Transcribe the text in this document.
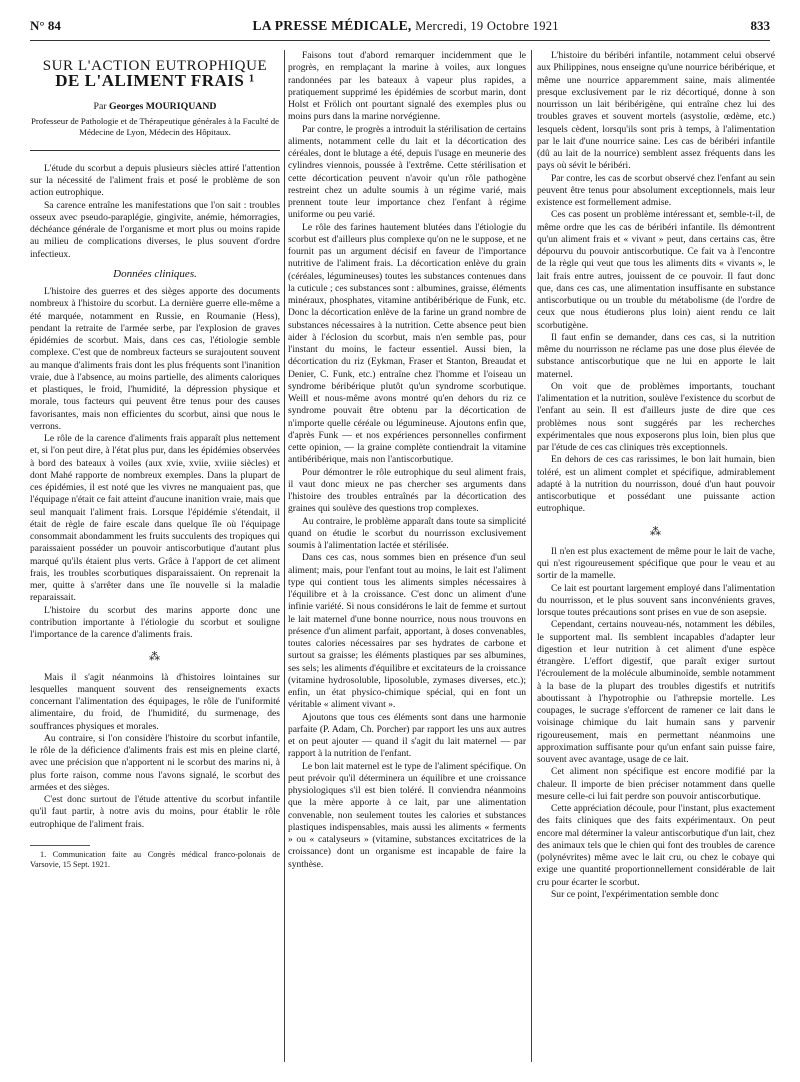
N° 84	LA PRESSE MÉDICALE, Mercredi, 19 Octobre 1921	833
SUR L'ACTION EUTROPHIQUE
DE L'ALIMENT FRAIS ¹
Par Georges MOURIQUAND
Professeur de Pathologie et de Thérapeutique générales à la Faculté de Médecine de Lyon, Médecin des Hôpitaux.

L'étude du scorbut a depuis plusieurs siècles attiré l'attention sur la nécessité de l'aliment frais et posé le problème de son action eutrophique.

Sa carence entraîne les manifestations que l'on sait : troubles osseux avec pseudo-paraplégie, gingivite, anémie, hémorragies, déchéance générale de l'organisme et mort plus ou moins rapide au milieu de complications diverses, le plus souvent d'ordre infectieux.

Données cliniques.

L'histoire des guerres et des sièges apporte des documents nombreux à l'histoire du scorbut. La dernière guerre elle-même a été marquée, notamment en Russie, en Roumanie (Hess), pendant la retraite de l'armée serbe, par l'explosion de graves épidémies de scorbut. Mais, dans ces cas, l'étiologie semble complexe. C'est que de nombreux facteurs se surajoutent souvent au manque d'aliments frais dont les plus fréquents sont l'inanition vraie, due à l'absence, au moins partielle, des aliments caloriques et plastiques, le froid, l'humidité, la dépression physique et morale, tous facteurs qui peuvent être tenus pour des causes favorisantes, mais non efficientes du scorbut, ainsi que nous le verrons.

Le rôle de la carence d'aliments frais apparaît plus nettement et, si l'on peut dire, à l'état plus pur, dans les épidémies observées à bord des bateaux à voiles (aux xvie, xviie, xviiie siècles) et dont Mahé rapporte de nombreux exemples. Dans la plupart de ces épidémies, il est noté que les vivres ne manquaient pas, que l'équipage n'était ce fait atteint d'aucune inanition vraie, mais que seul manquait l'aliment frais. Lorsque l'épidémie s'étendait, il était de règle de faire escale dans quelque île où l'équipage consommait abondamment les fruits succulents des tropiques qui paraissaient posséder un pouvoir antiscorbutique d'autant plus marqué qu'ils étaient plus verts. Grâce à l'apport de cet aliment frais, les troubles scorbutiques disparaissaient. On reprenait la mer, quitte à s'arrêter dans une île nouvelle si la maladie reparaissait.

L'histoire du scorbut des marins apporte donc une contribution importante à l'étiologie du scorbut et souligne l'importance de la carence d'aliments frais.

⁂

Mais il s'agit néanmoins là d'histoires lointaines sur lesquelles manquent souvent des renseignements exacts concernant l'alimentation des équipages, le rôle de l'uniformité alimentaire, du froid, de l'humidité, du surmenage, des souffrances physiques et morales.

Au contraire, si l'on considère l'histoire du scorbut infantile, le rôle de la déficience d'aliments frais est mis en pleine clarté, avec une précision que n'apportent ni le scorbut des marins ni, à plus forte raison, comme nous l'avons signalé, le scorbut des armées et des sièges.

C'est donc surtout de l'étude attentive du scorbut infantile qu'il faut partir, à notre avis du moins, pour établir le rôle eutrophique de l'aliment frais.

1. Communication faite au Congrès médical franco-polonais de Varsovie, 15 Sept. 1921.

Faisons tout d'abord remarquer incidemment que le progrès, en remplaçant la marine à voiles, aux longues randonnées par les bateaux à vapeur plus rapides, a pratiquement supprimé les épidémies de scorbut marin, dont Holst et Frölich ont pourtant signalé des exemples plus ou moins purs dans la marine norvégienne.

Par contre, le progrès a introduit la stérilisation de certains aliments, notamment celle du lait et la décortication des céréales, dont le blutage a été, depuis l'usage en meunerie des cylindres viennois, poussée à l'extrême. Cette stérilisation et cette décortication peuvent n'avoir qu'un rôle pathogène restreint chez un adulte soumis à un régime varié, mais prennent toute leur importance chez l'enfant à régime uniforme ou peu varié.

Le rôle des farines hautement blutées dans l'étiologie du scorbut est d'ailleurs plus complexe qu'on ne le suppose, et ne fournit pas un argument décisif en faveur de l'importance nutritive de l'aliment frais. La décortication enlève du grain (céréales, légumineuses) toutes les substances contenues dans la cuticule ; ces substances sont : albumines, graisse, éléments minéraux, phosphates, vitamine antibéribérique de Funk, etc. Donc la décortication enlève de la farine un grand nombre de substances nécessaires à la nutrition. Cette absence peut bien aider à l'éclosion du scorbut, mais n'en semble pas, pour l'instant du moins, le facteur essentiel. Aussi bien, la décortication du riz (Eykman, Fraser et Stanton, Breaudat et Denier, C. Funk, etc.) entraîne chez l'homme et l'oiseau un syndrome béribérique plutôt qu'un syndrome scorbutique. Weill et nous-même avons montré qu'en dehors du riz ce syndrome pouvait être obtenu par la décortication de n'importe quelle céréale ou légumineuse. Ajoutons enfin que, d'après Funk — et nos expériences personnelles confirment cette opinion, — la graine complète contiendrait la vitamine antibéribérique, mais non l'antiscorbutique.

Pour démontrer le rôle eutrophique du seul aliment frais, il vaut donc mieux ne pas chercher ses arguments dans l'histoire des troubles entraînés par la décortication des graines qui soulève des questions trop complexes.

Au contraire, le problème apparaît dans toute sa simplicité quand on étudie le scorbut du nourrisson exclusivement soumis à l'alimentation lactée et stérilisée.

Dans ces cas, nous sommes bien en présence d'un seul aliment; mais, pour l'enfant tout au moins, le lait est l'aliment type qui contient tous les aliments simples nécessaires à l'équilibre et à la croissance. C'est donc un aliment d'une infinie variété. Si nous considérons le lait de femme et surtout le lait maternel d'une bonne nourrice, nous nous trouvons en présence d'un aliment parfait, apportant, à doses convenables, toutes calories nécessaires par ses hydrates de carbone et surtout sa graisse; les éléments plastiques par ses albumines, ses sels; les aliments d'équilibre et excitateurs de la croissance (vitamine hydrosoluble, liposoluble, zymases diverses, etc.); enfin, un état physico-chimique spécial, qui en font un véritable « aliment vivant ».

Ajoutons que tous ces éléments sont dans une harmonie parfaite (P. Adam, Ch. Porcher) par rapport les uns aux autres et on peut ajouter — quand il s'agit du lait maternel — par rapport à la nutrition de l'enfant.

Le bon lait maternel est le type de l'aliment spécifique. On peut prévoir qu'il déterminera un équilibre et une croissance physiologiques s'il est bien toléré. Il conviendra néanmoins que la mère apporte à ce lait, par une alimentation convenable, non seulement toutes les calories et substances plastiques indispensables, mais aussi les aliments « ferments » ou « catalyseurs » (vitamine, substances excitatrices de la croissance) dont un organisme est incapable de faire la synthèse.

L'histoire du béribéri infantile, notamment celui observé aux Philippines, nous enseigne qu'une nourrice béribérique, et même une nourrice apparemment saine, mais alimentée presque exclusivement par le riz décortiqué, donne à son nourrisson un lait béribérigène, qui entraîne chez lui des troubles graves et souvent mortels (asystolie, œdème, etc.) lesquels cèdent, lorsqu'ils sont pris à temps, à l'alimentation par le lait d'une nourrice saine. Les cas de béribéri infantile (dû au lait de la nourrice) semblent assez fréquents dans les pays où sévit le béribéri.

Par contre, les cas de scorbut observé chez l'enfant au sein peuvent être tenus pour absolument exceptionnels, mais leur existence est formellement admise.

Ces cas posent un problème intéressant et, semble-t-il, de même ordre que les cas de béribéri infantile. Ils démontrent qu'un aliment frais et « vivant » peut, dans certains cas, être dépourvu du pouvoir antiscorbutique. Ce fait va à l'encontre de la règle qui veut que tous les aliments dits « vivants », le lait frais entre autres, jouissent de ce pouvoir. Il faut donc que, dans ces cas, une alimentation insuffisante en substance antiscorbutique ou un trouble du métabolisme (de l'ordre de ceux que nous étudierons plus loin) aient rendu ce lait scorbutigène.

Il faut enfin se demander, dans ces cas, si la nutrition même du nourrisson ne réclame pas une dose plus élevée de substance antiscorbutique que ne lui en apporte le lait maternel.

On voit que de problèmes importants, touchant l'alimentation et la nutrition, soulève l'existence du scorbut de l'enfant au sein. Il est d'ailleurs juste de dire que ces problèmes nous sont suggérés par les recherches expérimentales que nous exposerons plus loin, bien plus que par l'étude de ces cas cliniques très exceptionnels.

En dehors de ces cas rarissimes, le bon lait humain, bien toléré, est un aliment complet et spécifique, admirablement adapté à la nutrition du nourrisson, doué d'un haut pouvoir antiscorbutique et possédant une puissante action eutrophique.

⁂

Il n'en est plus exactement de même pour le lait de vache, qui n'est rigoureusement spécifique que pour le veau et au sortir de la mamelle.

Ce lait est pourtant largement employé dans l'alimentation du nourrisson, et le plus souvent sans inconvénients graves, lorsque toutes précautions sont prises en vue de son asepsie.

Cependant, certains nouveau-nés, notamment les débiles, le supportent mal. Ils semblent incapables d'adapter leur digestion et leur nutrition à cet aliment d'une espèce étrangère. L'effort digestif, que paraît exiger surtout l'écroulement de la molécule albuminoïde, semble notamment à la base de la plupart des troubles digestifs et nutritifs aboutissant à l'hypotrophie ou l'athrepsie mortelle. Les coupages, le sucrage s'efforcent de ramener ce lait dans le voisinage chimique du lait humain sans y parvenir rigoureusement, mais en permettant néanmoins une approximation suffisante pour qu'un enfant sain puisse faire, souvent avec avantage, usage de ce lait.

Cet aliment non spécifique est encore modifié par la chaleur. Il importe de bien préciser notamment dans quelle mesure celle-ci lui fait perdre son pouvoir antiscorbutique.

Cette appréciation découle, pour l'instant, plus exactement des faits cliniques que des faits expérimentaux. On peut encore mal déterminer la valeur antiscorbutique d'un lait, chez des animaux tels que le chien qui font des troubles de carence (polynévrites) même avec le lait cru, ou chez le cobaye qui exige une quantité proportionnellement considérable de lait cru pour écarter le scorbut.

Sur ce point, l'expérimentation semble donc
